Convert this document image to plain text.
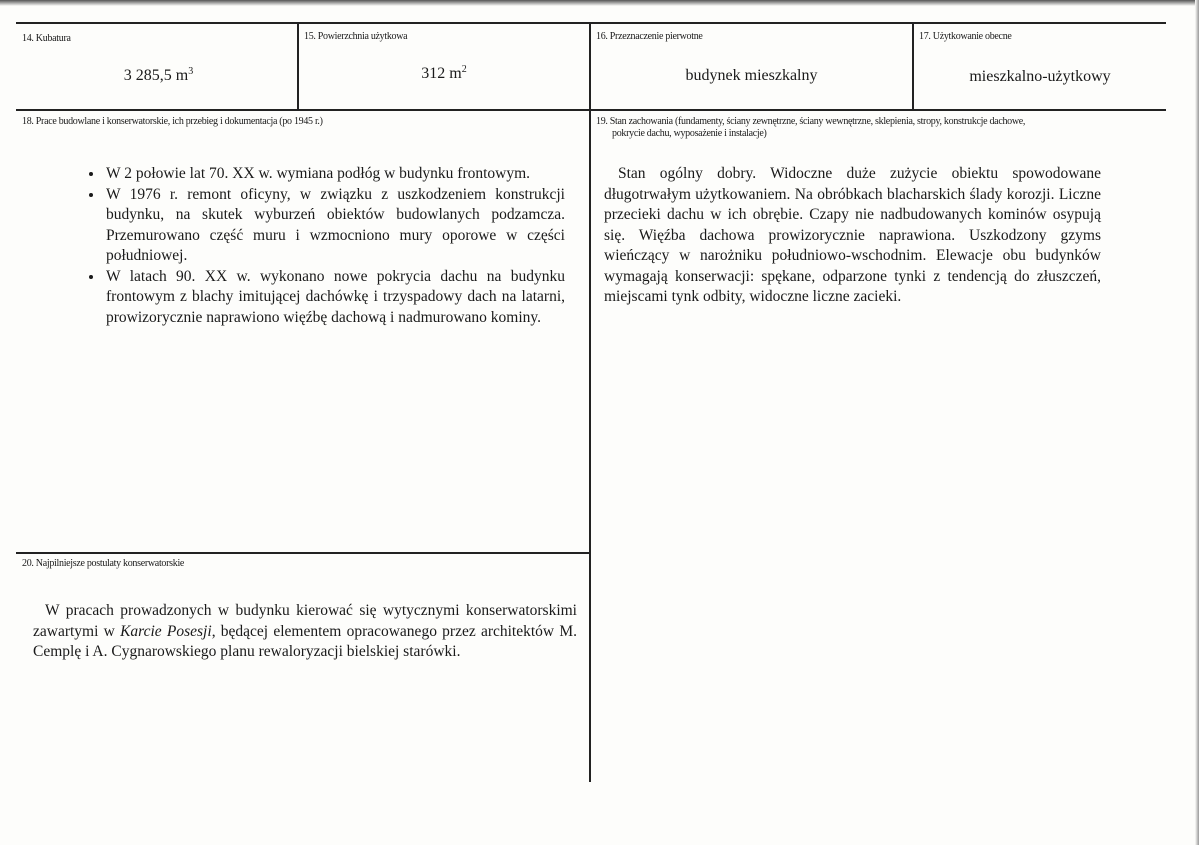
14. Kubatura
3 285,5 $m^3$
15. Powierzchnia użytkowa
312 $m^2$
16. Przeznaczenie pierwotne
budynek mieszkalny
17. Użytkowanie obecne
mieszkalno-użytkowy
18. Prace budowlane i konserwatorskie, ich przebieg i dokumentacja (po 1945 r.)
• W 2 połowie lat 70. XX w. wymiana podłóg w budynku frontowym.
• W 1976 r. remont oficyny, w związku z uszkodzeniem konstrukcji budynku, na skutek wyburzeń obiektów budowlanych podzamcza. Przemurowano część muru i wzmocniono mury oporowe w części południowej.
• W latach 90. XX w. wykonano nowe pokrycia dachu na budynku frontowym z blachy imitującej dachówkę i trzyspadowy dach na latarni, prowizorycznie naprawiono więźbę dachową i nadmurowano kominy.
19. Stan zachowania (fundamenty, ściany zewnętrzne, ściany wewnętrzne, sklepienia, stropy, konstrukcje dachowe,
pokrycie dachu, wyposażenie i instalacje)
Stan ogólny dobry. Widoczne duże zużycie obiektu spowodowane długotrwałym użytkowaniem. Na obróbkach blacharskich ślady korozji. Liczne przecieki dachu w ich obrębie. Czapy nie nadbudowanych kominów osypują się. Więźba dachowa prowizorycznie naprawiona. Uszkodzony gzyms wieńczący w narożniku południowo-wschodnim. Elewacje obu budynków wymagają konserwacji: spękane, odparzone tynki z tendencją do złuszczeń, miejscami tynk odbity, widoczne liczne zacieki.
20. Najpilniejsze postulaty konserwatorskie
W pracach prowadzonych w budynku kierować się wytycznymi konserwatorskimi zawartymi w Karcie Posesji, będącej elementem opracowanego przez architektów M. Cemplę i A. Cygnarowskiego planu rewaloryzacji bielskiej starówki.
